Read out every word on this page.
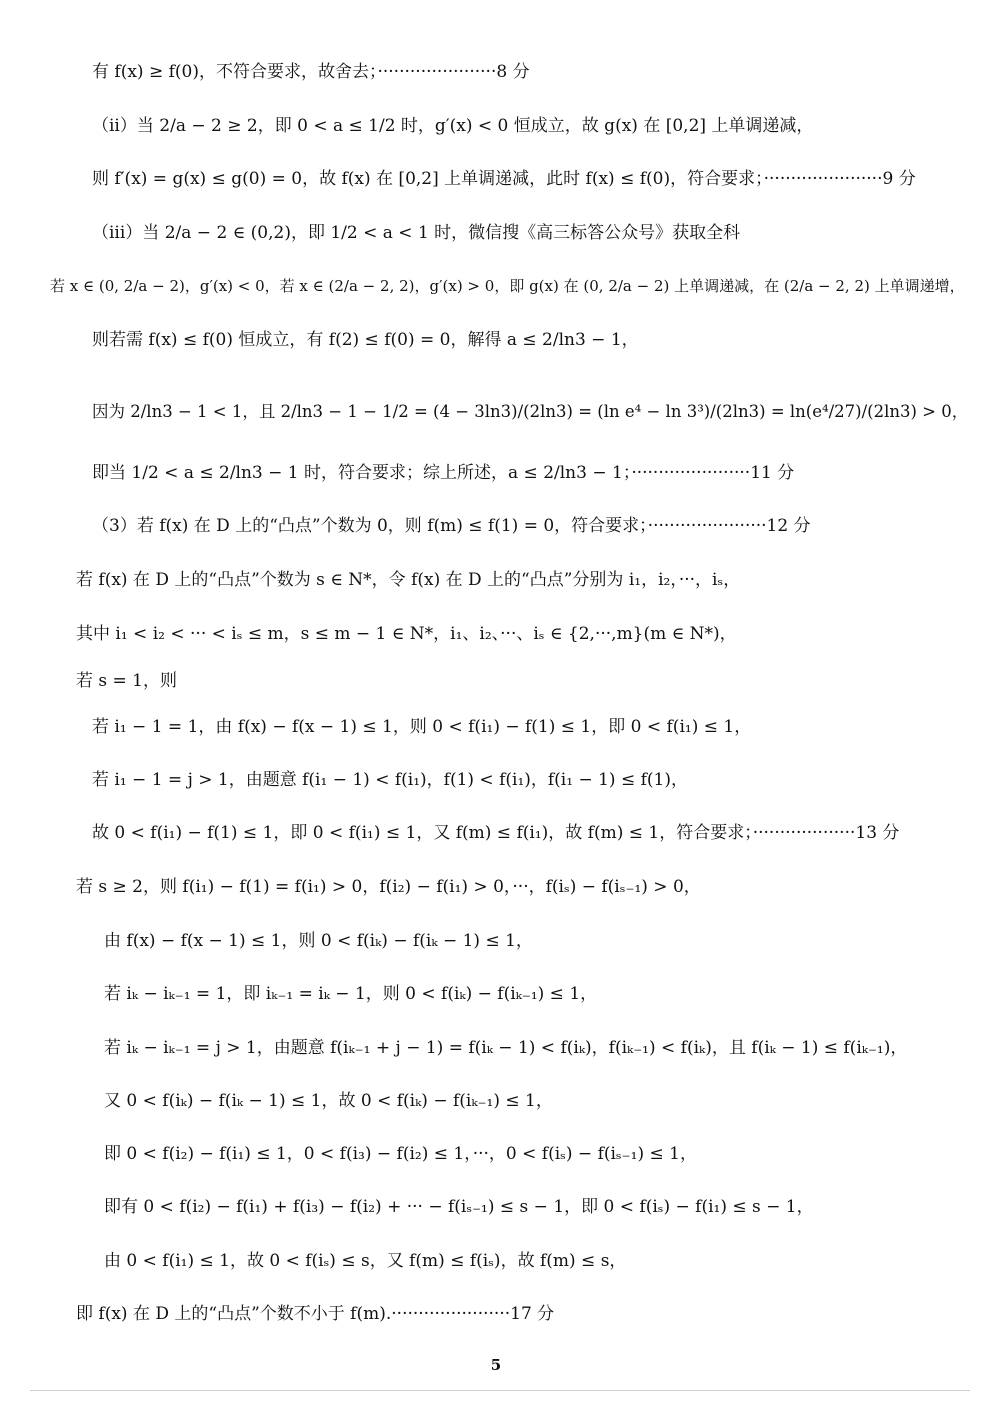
有 f(x) ≥ f(0)，不符合要求，故舍去；······················8 分
（ii）当 2/a − 2 ≥ 2，即 0 < a ≤ 1/2 时，g′(x) < 0 恒成立，故 g(x) 在 [0,2] 上单调递减，
则 f′(x) = g(x) ≤ g(0) = 0，故 f(x) 在 [0,2] 上单调递减，此时 f(x) ≤ f(0)，符合要求；······················9 分
（iii）当 2/a − 2 ∈ (0,2)，即 1/2 < a < 1 时，微信搜《高三标答公众号》获取全科
若 x ∈ (0, 2/a − 2)，g′(x) < 0，若 x ∈ (2/a − 2, 2)，g′(x) > 0，即 g(x) 在 (0, 2/a − 2) 上单调递减，在 (2/a − 2, 2) 上单调递增，
则若需 f(x) ≤ f(0) 恒成立，有 f(2) ≤ f(0) = 0，解得 a ≤ 2/ln3 − 1，
因为 2/ln3 − 1 < 1，且 2/ln3 − 1 − 1/2 = (4 − 3ln3)/(2ln3) = (ln e⁴ − ln 3³)/(2ln3) = ln(e⁴/27)/(2ln3) > 0，
即当 1/2 < a ≤ 2/ln3 − 1 时，符合要求；综上所述，a ≤ 2/ln3 − 1；······················11 分
（3）若 f(x) 在 D 上的“凸点”个数为 0，则 f(m) ≤ f(1) = 0，符合要求；······················12 分
若 f(x) 在 D 上的“凸点”个数为 s ∈ N*，令 f(x) 在 D 上的“凸点”分别为 i₁，i₂，···，iₛ，
其中 i₁ < i₂ < ··· < iₛ ≤ m，s ≤ m − 1 ∈ N*，i₁、i₂、···、iₛ ∈ {2,···,m}(m ∈ N*)，
若 s = 1，则
若 i₁ − 1 = 1，由 f(x) − f(x − 1) ≤ 1，则 0 < f(i₁) − f(1) ≤ 1，即 0 < f(i₁) ≤ 1，
若 i₁ − 1 = j > 1，由题意 f(i₁ − 1) < f(i₁)，f(1) < f(i₁)，f(i₁ − 1) ≤ f(1)，
故 0 < f(i₁) − f(1) ≤ 1，即 0 < f(i₁) ≤ 1，又 f(m) ≤ f(i₁)，故 f(m) ≤ 1，符合要求；···················13 分
若 s ≥ 2，则 f(i₁) − f(1) = f(i₁) > 0，f(i₂) − f(i₁) > 0，···，f(iₛ) − f(iₛ₋₁) > 0，
由 f(x) − f(x − 1) ≤ 1，则 0 < f(iₖ) − f(iₖ − 1) ≤ 1，
若 iₖ − iₖ₋₁ = 1，即 iₖ₋₁ = iₖ − 1，则 0 < f(iₖ) − f(iₖ₋₁) ≤ 1，
若 iₖ − iₖ₋₁ = j > 1，由题意 f(iₖ₋₁ + j − 1) = f(iₖ − 1) < f(iₖ)，f(iₖ₋₁) < f(iₖ)，且 f(iₖ − 1) ≤ f(iₖ₋₁)，
又 0 < f(iₖ) − f(iₖ − 1) ≤ 1，故 0 < f(iₖ) − f(iₖ₋₁) ≤ 1，
即 0 < f(i₂) − f(i₁) ≤ 1，0 < f(i₃) − f(i₂) ≤ 1，···，0 < f(iₛ) − f(iₛ₋₁) ≤ 1，
即有 0 < f(i₂) − f(i₁) + f(i₃) − f(i₂) + ··· − f(iₛ₋₁) ≤ s − 1，即 0 < f(iₛ) − f(i₁) ≤ s − 1，
由 0 < f(i₁) ≤ 1，故 0 < f(iₛ) ≤ s，又 f(m) ≤ f(iₛ)，故 f(m) ≤ s，
即 f(x) 在 D 上的“凸点”个数不小于 f(m).······················17 分
5
